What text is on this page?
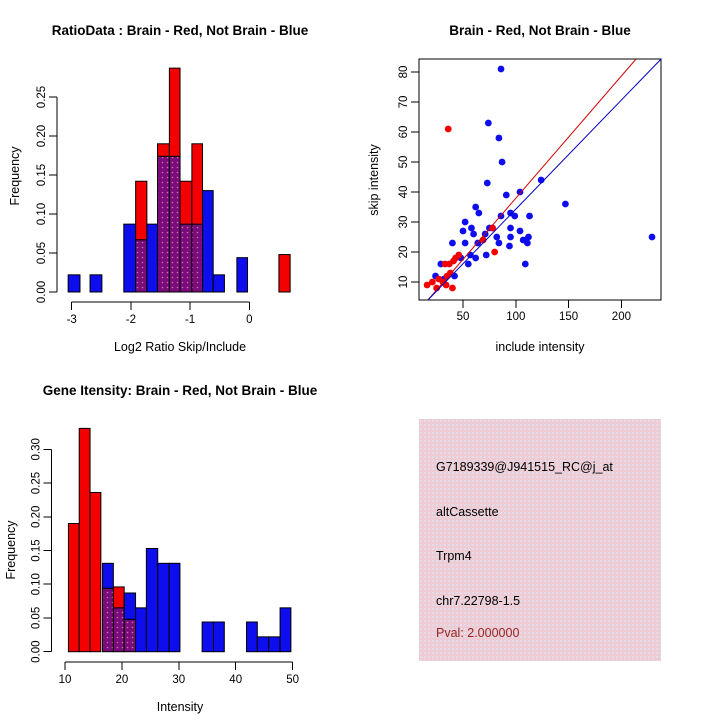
-3	-2	-1	0
0.00
0.05
0.10
0.15
0.20
0.25
RatioData : Brain - Red, Not Brain - Blue
Frequency
Log2 Ratio Skip/Include
50	100	150	200
10
20
30
40
50
60
70
80
Brain - Red, Not Brain - Blue
skip intensity
include intensity
10	20	30	40	50
0.00
0.05
0.10
0.15
0.20
0.25
0.30
Gene Itensity: Brain - Red, Not Brain - Blue
Frequency
Intensity
G7189339@J941515_RC@j_at
altCassette
Trpm4
chr7.22798-1.5
Pval: 2.000000
